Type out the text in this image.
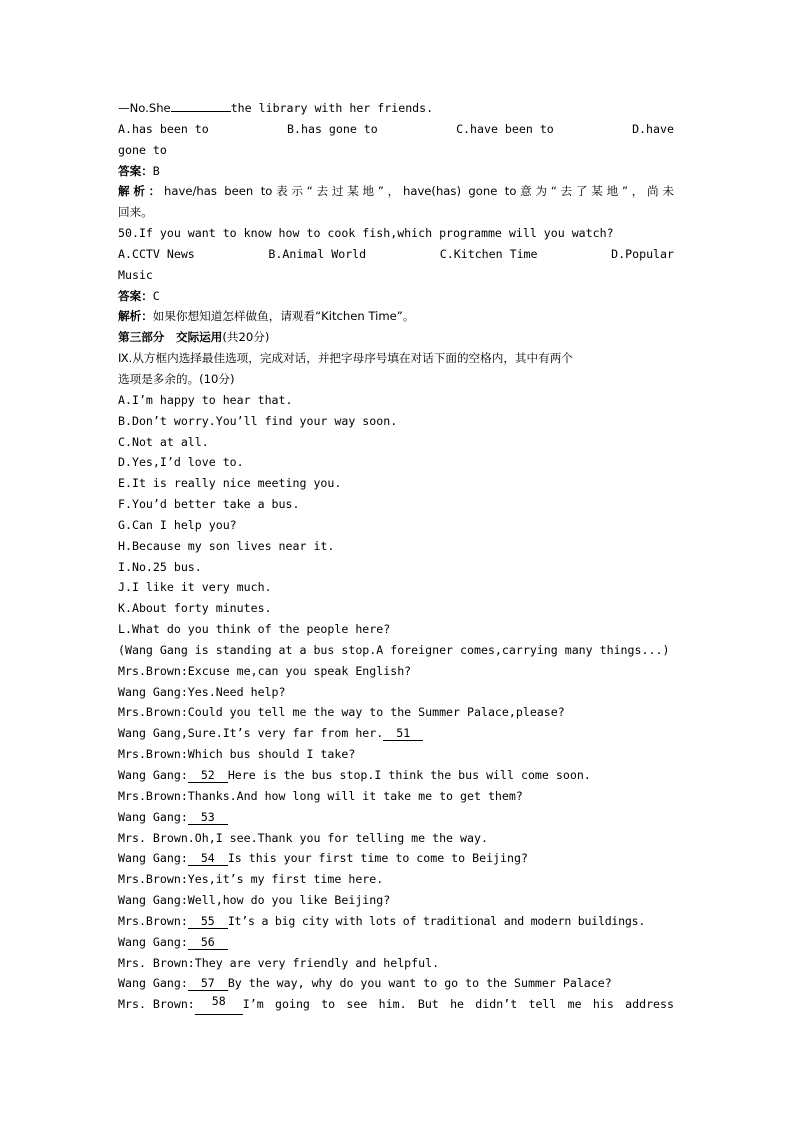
—No.She	the library with her friends.
A.has been to	B.has gone to	C.have been to	D.have
gone to
答案：B
解析：have/has been to表示“去过某地”，have(has) gone to意为“去了某地”，尚未
回来。
50.If you want to know how to cook fish,which programme will you watch?
A.CCTV News	B.Animal World	C.Kitchen Time	D.Popular
Music
答案：C
解析：如果你想知道怎样做鱼，请观看“Kitchen Time”。
第三部分　交际运用(共20分)
Ⅸ.从方框内选择最佳选项，完成对话，并把字母序号填在对话下面的空格内，其中有两个
选项是多余的。(10分)
A.I’m happy to hear that.
B.Don’t worry.You’ll find your way soon.
C.Not at all.
D.Yes,I’d love to.
E.It is really nice meeting you.
F.You’d better take a bus.
G.Can I help you?
H.Because my son lives near it.
I.No.25 bus.
J.I like it very much.
K.About forty minutes.
L.What do you think of the people here?
(Wang Gang is standing at a bus stop.A foreigner comes,carrying many things...)
Mrs.Brown:Excuse me,can you speak English?
Wang Gang:Yes.Need help?
Mrs.Brown:Could you tell me the way to the Summer Palace,please?
Wang Gang,Sure.It’s very far from her. 51
Mrs.Brown:Which bus should I take?
Wang Gang: 52 Here is the bus stop.I think the bus will come soon.
Mrs.Brown:Thanks.And how long will it take me to get them?
Wang Gang: 53
Mrs. Brown.Oh,I see.Thank you for telling me the way.
Wang Gang: 54 Is this your first time to come to Beijing?
Mrs.Brown:Yes,it’s my first time here.
Wang Gang:Well,how do you like Beijing?
Mrs.Brown: 55 It’s a big city with lots of traditional and modern buildings.
Wang Gang: 56
Mrs. Brown:They are very friendly and helpful.
Wang Gang: 57 By the way, why do you want to go to the Summer Palace?
Mrs. Brown:	58	I’m going to see him. But he didn’t tell me his address
